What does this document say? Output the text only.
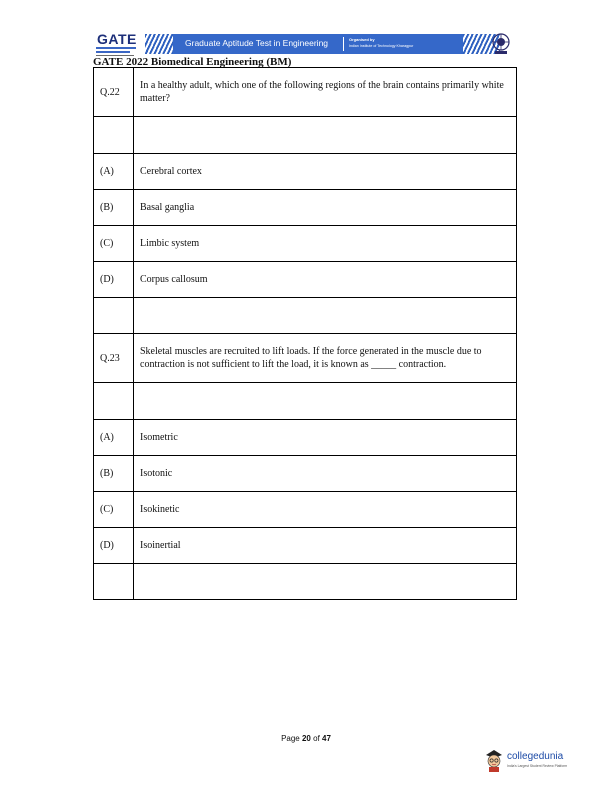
GATE	Graduate Aptitude Test in Engineering	Organised by
Indian Institute of Technology Kharagpur
GATE 2022 Biomedical Engineering (BM)
Q.22	In a healthy adult, which one of the following regions of the brain contains primarily white matter?

(A)	Cerebral cortex
(B)	Basal ganglia
(C)	Limbic system
(D)	Corpus callosum

Q.23	Skeletal muscles are recruited to lift loads. If the force generated in the muscle due to contraction is not sufficient to lift the load, it is known as _____ contraction.

(A)	Isometric
(B)	Isotonic
(C)	Isokinetic
(D)	Isoinertial

Page 20 of 47
collegedunia
India's Largest Student Review Platform
